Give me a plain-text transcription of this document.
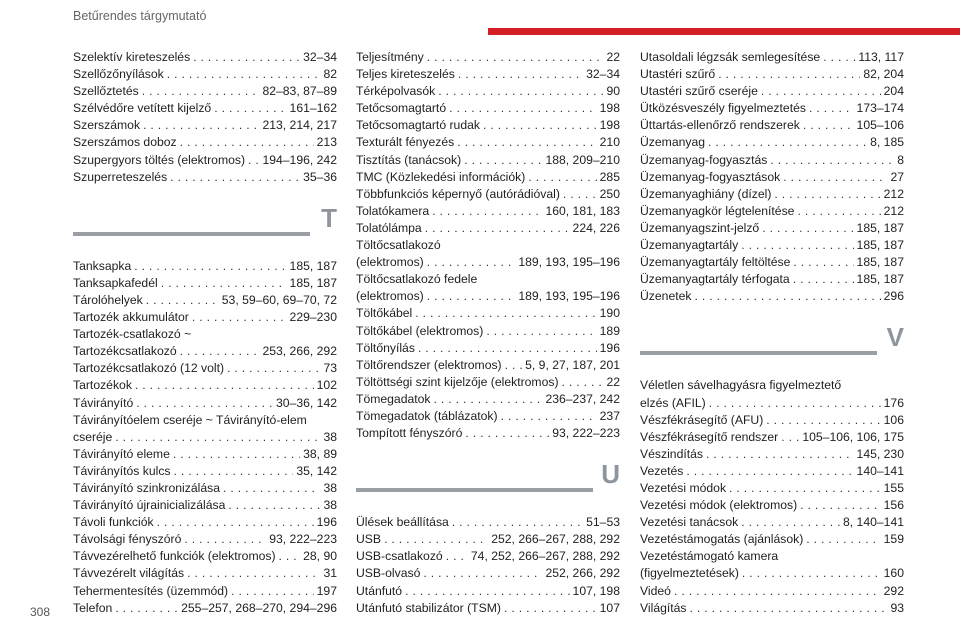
Betűrendes tárgymutató
Szelektív kireteszelés . . .	32–34
Szellőzőnyílások . . .	82
Szellőztetés . . .	82–83, 87–89
Szélvédőre vetített kijelző . . .	161–162
Szerszámok . . .	213, 214, 217
Szerszámos doboz . . .	213
Szupergyors töltés (elektromos) . . . 194–196, 242
Szuperreteszelés . . .	35–36
T
Tanksapka . . .	185, 187
Tanksapkafedél . . .	185, 187
Tárolóhelyek . . .	53, 59–60, 69–70, 72
Tartozék akkumulátor . . .	229–230
Tartozék-csatlakozó ~
Tartozékcsatlakozó . . .	253, 266, 292
Tartozékcsatlakozó (12 volt) . . .	73
Tartozékok . . .	102
Távirányító . . .	30–36, 142
Távirányítóelem cseréje ~ Távirányító-elem
cseréje . . .	38
Távirányító eleme . . .	38, 89
Távirányítós kulcs . . .	35, 142
Távirányító szinkronizálása . . .	38
Távirányító újrainicializálása . . .	38
Távoli funkciók . . .	196
Távolsági fényszóró . . .	93, 222–223
Távvezérelhető funkciók (elektromos) . . . 28, 90
Távvezérelt világítás . . .	31
Tehermentesítés (üzemmód) . . .	197
Telefon . . .	255–257, 268–270, 294–296
Teljesítmény . . .	22
Teljes kireteszelés . . .	32–34
Térképolvasók . . .	90
Tetőcsomagtartó . . .	198
Tetőcsomagtartó rudak . . .	198
Texturált fényezés . . .	210
Tisztítás (tanácsok) . . .	188, 209–210
TMC (Közlekedési információk) . . .	285
Többfunkciós képernyő (autórádióval) . . .	250
Tolatókamera . . .	160, 181, 183
Tolatólámpa . . .	224, 226
Töltőcsatlakozó
(elektromos) . . .	189, 193, 195–196
Töltőcsatlakozó fedele
(elektromos) . . .	189, 193, 195–196
Töltőkábel . . .	190
Töltőkábel (elektromos) . . .	189
Töltőnyílás . . .	196
Töltőrendszer (elektromos) . . . 5, 9, 27, 187, 201
Töltöttségi szint kijelzője (elektromos) . . .	22
Tömegadatok . . .	236–237, 242
Tömegadatok (táblázatok) . . .	237
Tompított fényszóró . . .	93, 222–223
U
Ülések beállítása . . .	51–53
USB . . .	252, 266–267, 288, 292
USB-csatlakozó . . . 74, 252, 266–267, 288, 292
USB-olvasó . . .	252, 266, 292
Utánfutó . . .	107, 198
Utánfutó stabilizátor (TSM) . . .	107
Utasoldali légzsák semlegesítése . . .	113, 117
Utastéri szűrő . . .	82, 204
Utastéri szűrő cseréje . . .	204
Ütközésveszély figyelmeztetés . . .	173–174
Üttartás-ellenőrző rendszerek . . .	105–106
Üzemanyag . . .	8, 185
Üzemanyag-fogyasztás . . .	8
Üzemanyag-fogyasztások . . .	27
Üzemanyaghiány (dízel) . . .	212
Üzemanyagkör légtelenítése . . .	212
Üzemanyagszint-jelző . . .	185, 187
Üzemanyagtartály . . .	185, 187
Üzemanyagtartály feltöltése . . .	185, 187
Üzemanyagtartály térfogata . . .	185, 187
Üzenetek . . .	296
V
Véletlen sávelhagyásra figyelmeztető
elzés (AFIL) . . .	176
Vészfékrásegítő (AFU) . . .	106
Vészfékrásegítő rendszer . . . 105–106, 106, 175
Vészindítás . . .	145, 230
Vezetés . . .	140–141
Vezetési módok . . .	155
Vezetési módok (elektromos) . . .	156
Vezetési tanácsok . . .	8, 140–141
Vezetéstámogatás (ajánlások) . . .	159
Vezetéstámogató kamera
(figyelmeztetések) . . .	160
Videó . . .	292
Világítás . . .	93
308
